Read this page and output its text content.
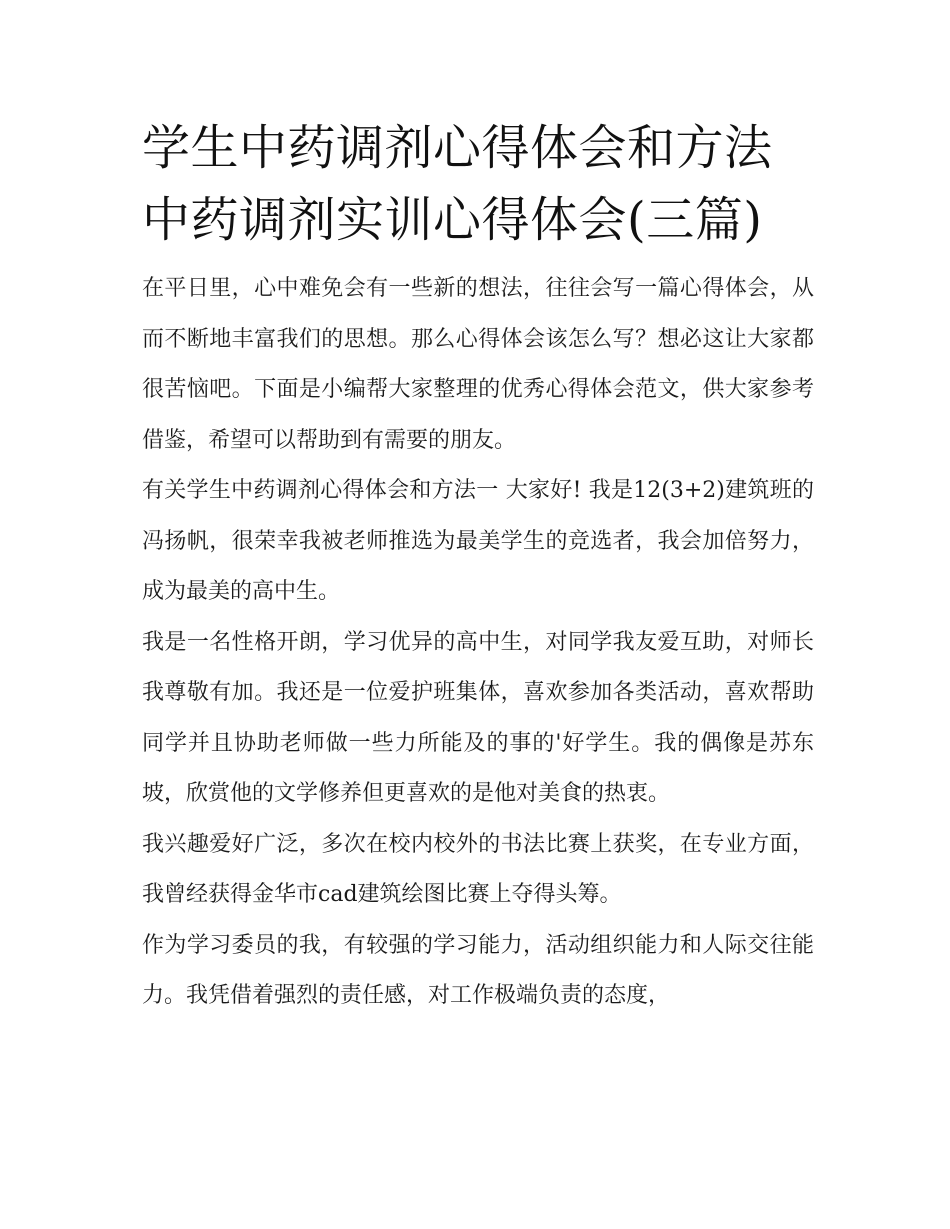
学生中药调剂心得体会和方法
中药调剂实训心得体会(三篇)

在平日里，心中难免会有一些新的想法，往往会写一篇心得体会，从而不断地丰富我们的思想。那么心得体会该怎么写？想必这让大家都很苦恼吧。下面是小编帮大家整理的优秀心得体会范文，供大家参考借鉴，希望可以帮助到有需要的朋友。

有关学生中药调剂心得体会和方法一 大家好! 我是12(3+2)建筑班的冯扬帆，很荣幸我被老师推选为最美学生的竞选者，我会加倍努力，成为最美的高中生。

我是一名性格开朗，学习优异的高中生，对同学我友爱互助，对师长我尊敬有加。我还是一位爱护班集体，喜欢参加各类活动，喜欢帮助同学并且协助老师做一些力所能及的事的'好学生。我的偶像是苏东坡，欣赏他的文学修养但更喜欢的是他对美食的热衷。

我兴趣爱好广泛，多次在校内校外的书法比赛上获奖，在专业方面，我曾经获得金华市cad建筑绘图比赛上夺得头筹。

作为学习委员的我，有较强的学习能力，活动组织能力和人际交往能力。我凭借着强烈的责任感，对工作极端负责的态度，
